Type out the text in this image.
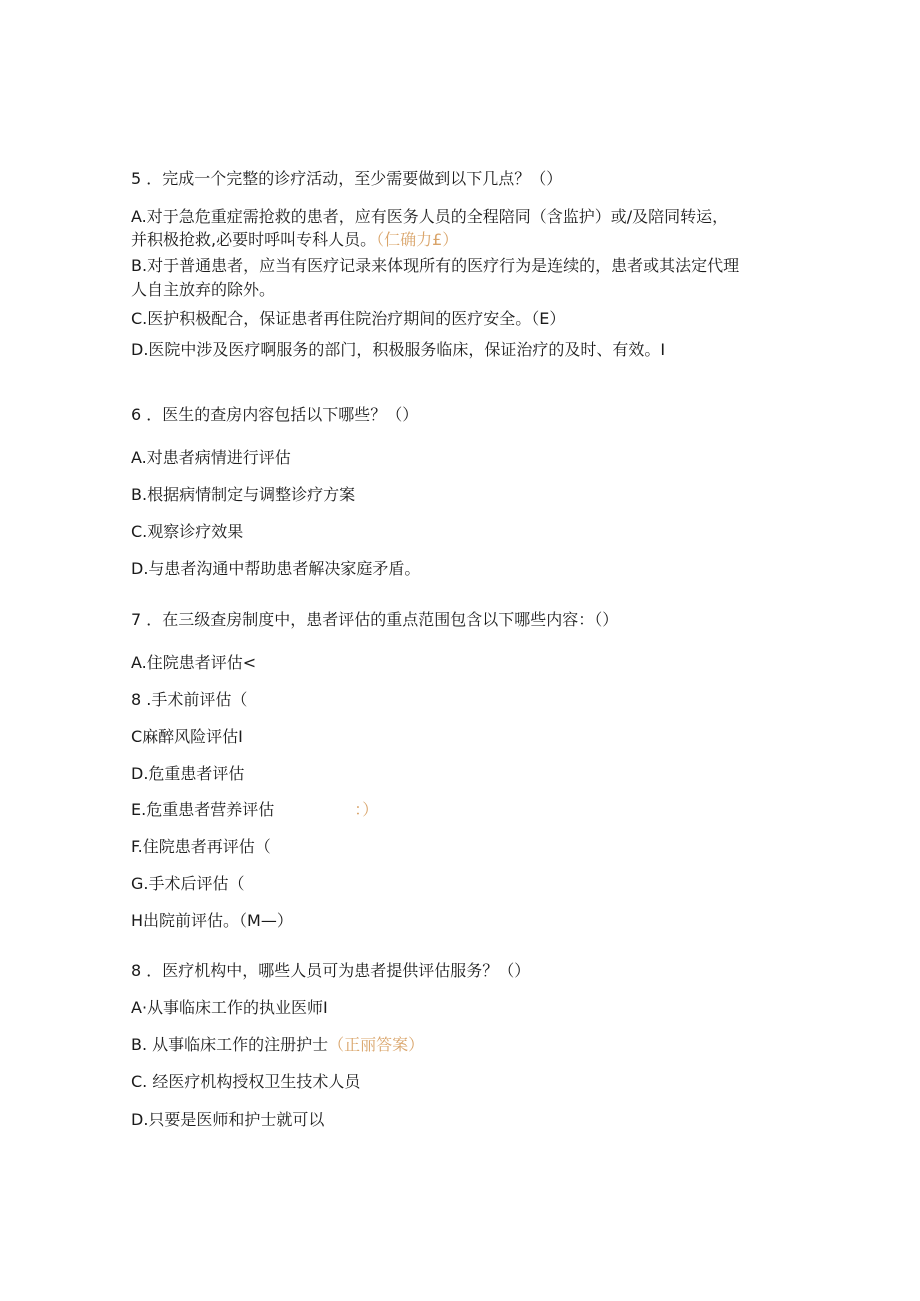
5 ．完成一个完整的诊疗活动，至少需要做到以下几点？（）
A.对于急危重症需抢救的患者，应有医务人员的全程陪同（含监护）或/及陪同转运，
并积极抢救,必要时呼叫专科人员。（仁确力£）
B.对于普通患者，应当有医疗记录来体现所有的医疗行为是连续的，患者或其法定代理
人自主放弃的除外。
C.医护积极配合，保证患者再住院治疗期间的医疗安全。（E）
D.医院中涉及医疗啊服务的部门，积极服务临床，保证治疗的及时、有效。I
6 ．医生的查房内容包括以下哪些？（）
A.对患者病情进行评估
B.根据病情制定与调整诊疗方案
C.观察诊疗效果
D.与患者沟通中帮助患者解决家庭矛盾。
7 ．在三级查房制度中，患者评估的重点范围包含以下哪些内容：（）
A.住院患者评估<
8 .手术前评估（
C麻醉风险评估I
D.危重患者评估
E.危重患者营养评估	：）
F.住院患者再评估（
G.手术后评估（
H出院前评估。（M—）
8 ．医疗机构中，哪些人员可为患者提供评估服务？（）
A·从事临床工作的执业医师I
B. 从事临床工作的注册护士（正丽答案）
C. 经医疗机构授权卫生技术人员
D.只要是医师和护士就可以
